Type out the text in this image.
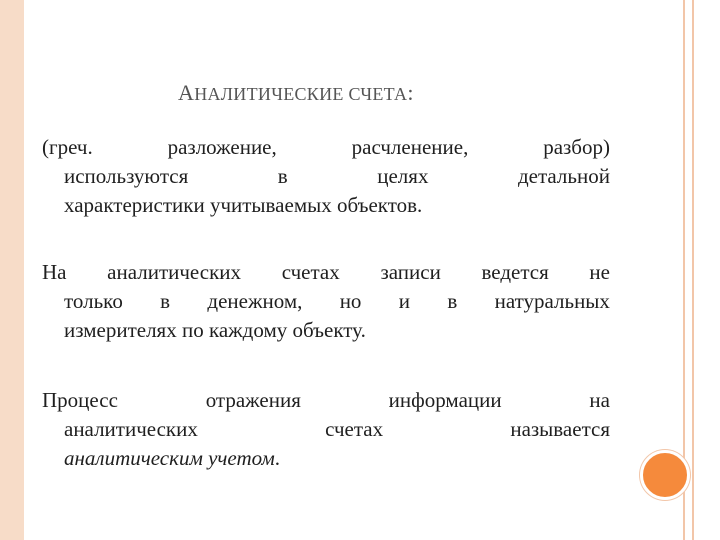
АНАЛИТИЧЕСКИЕ СЧЕТА:
(греч.	разложение,	расчленение,	разбор)
используются	в	целях	детальной
характеристики учитываемых объектов.
На аналитических счетах записи ведется не
только в денежном, но и в натуральных
измерителях по каждому объекту.
Процесс	отражения	информации	на
аналитических	счетах	называется
аналитическим учетом.
